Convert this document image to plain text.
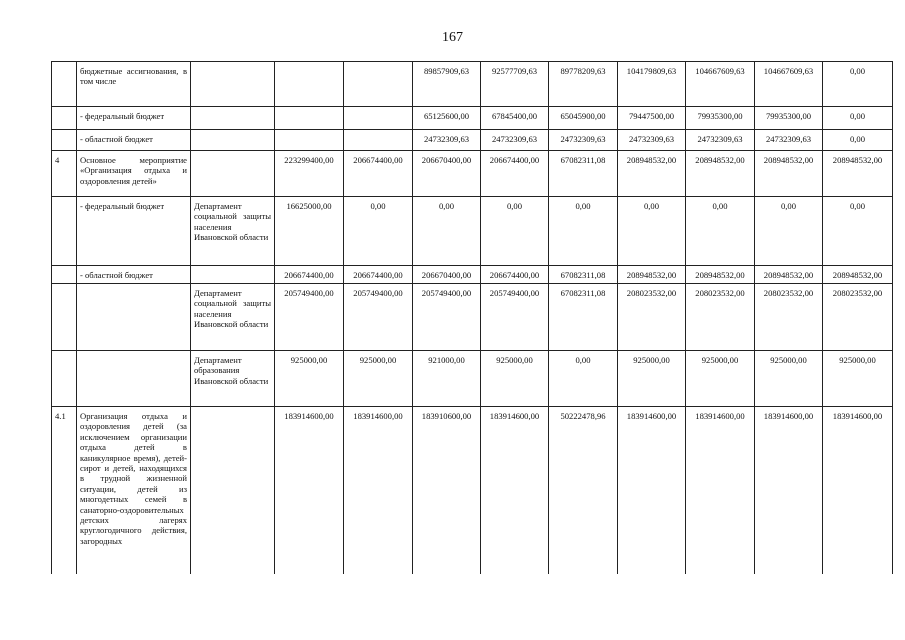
167
	бюджетные ассигнования, в том числе				89857909,63	92577709,63	89778209,63	104179809,63	104667609,63	104667609,63	0,00
	- федеральный бюджет				65125600,00	67845400,00	65045900,00	79447500,00	79935300,00	79935300,00	0,00
	- областной бюджет				24732309,63	24732309,63	24732309,63	24732309,63	24732309,63	24732309,63	0,00
4	Основное мероприятие «Организация отдыха и оздоровления детей»		223299400,00	206674400,00	206670400,00	206674400,00	67082311,08	208948532,00	208948532,00	208948532,00	208948532,00
	- федеральный бюджет	Департамент социальной защиты населения Ивановской области	16625000,00	0,00	0,00	0,00	0,00	0,00	0,00	0,00	0,00
	- областной бюджет		206674400,00	206674400,00	206670400,00	206674400,00	67082311,08	208948532,00	208948532,00	208948532,00	208948532,00
		Департамент социальной защиты населения Ивановской области	205749400,00	205749400,00	205749400,00	205749400,00	67082311,08	208023532,00	208023532,00	208023532,00	208023532,00
		Департамент образования Ивановской области	925000,00	925000,00	921000,00	925000,00	0,00	925000,00	925000,00	925000,00	925000,00
4.1	Организация отдыха и оздоровления детей (за исключением организации отдыха детей в каникулярное время), детей-сирот и детей, находящихся в трудной жизненной ситуации, детей из многодетных семей в санаторно-оздоровительных детских лагерях круглогодичного действия, загородных		183914600,00	183914600,00	183910600,00	183914600,00	50222478,96	183914600,00	183914600,00	183914600,00	183914600,00
